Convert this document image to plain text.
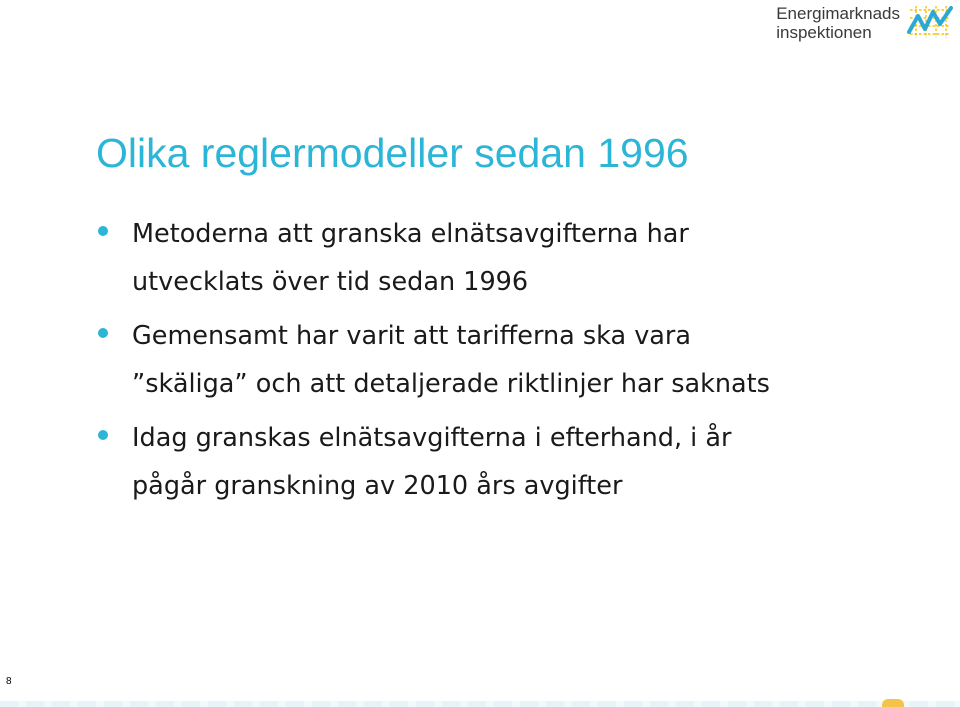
Energimarknads
inspektionen
Olika reglermodeller sedan 1996
Metoderna att granska elnätsavgifterna har
utvecklats över tid sedan 1996
Gemensamt har varit att tarifferna ska vara
”skäliga” och att detaljerade riktlinjer har saknats
Idag granskas elnätsavgifterna i efterhand, i år
pågår granskning av 2010 års avgifter
8
